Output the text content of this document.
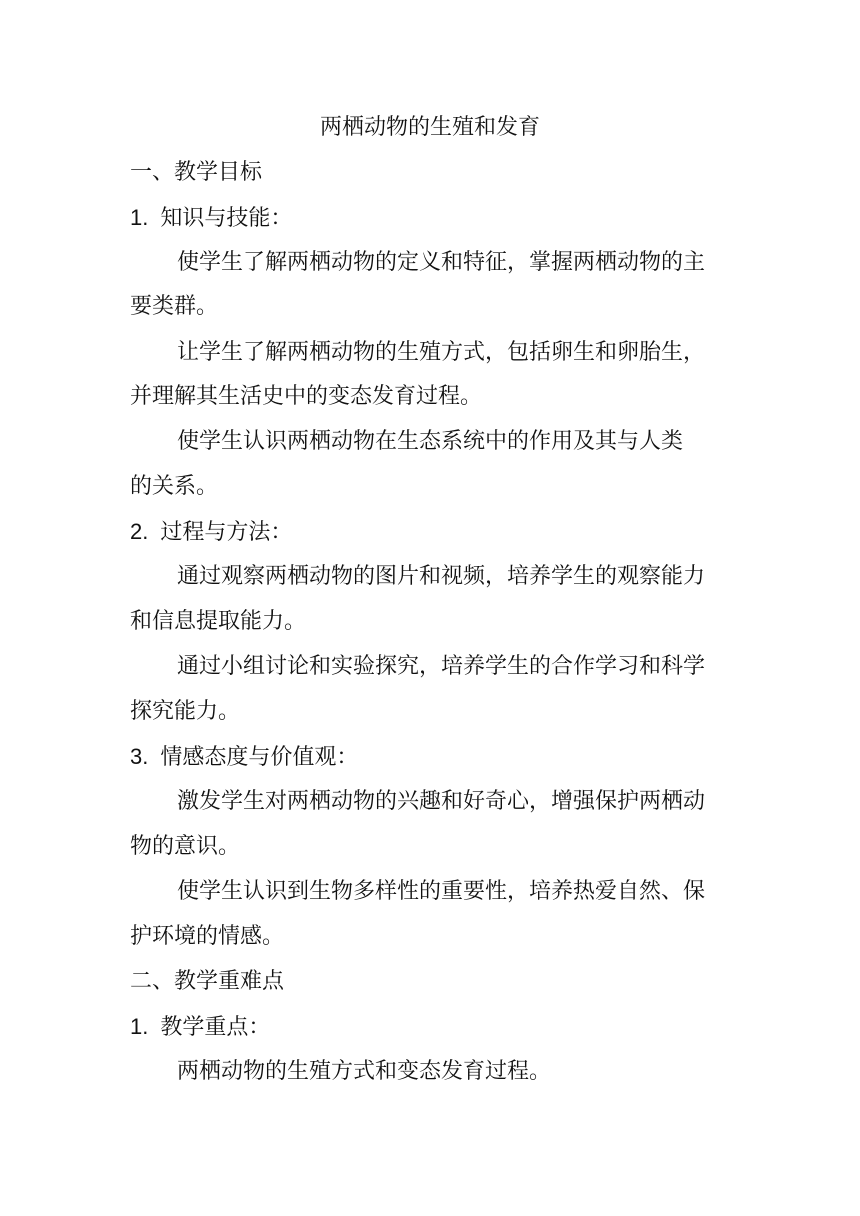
两栖动物的生殖和发育
一、教学目标
1. 知识与技能：
使学生了解两栖动物的定义和特征，掌握两栖动物的主
要类群。
让学生了解两栖动物的生殖方式，包括卵生和卵胎生，
并理解其生活史中的变态发育过程。
使学生认识两栖动物在生态系统中的作用及其与人类
的关系。
2. 过程与方法：
通过观察两栖动物的图片和视频，培养学生的观察能力
和信息提取能力。
通过小组讨论和实验探究，培养学生的合作学习和科学
探究能力。
3. 情感态度与价值观：
激发学生对两栖动物的兴趣和好奇心，增强保护两栖动
物的意识。
使学生认识到生物多样性的重要性，培养热爱自然、保
护环境的情感。
二、教学重难点
1. 教学重点：
两栖动物的生殖方式和变态发育过程。
